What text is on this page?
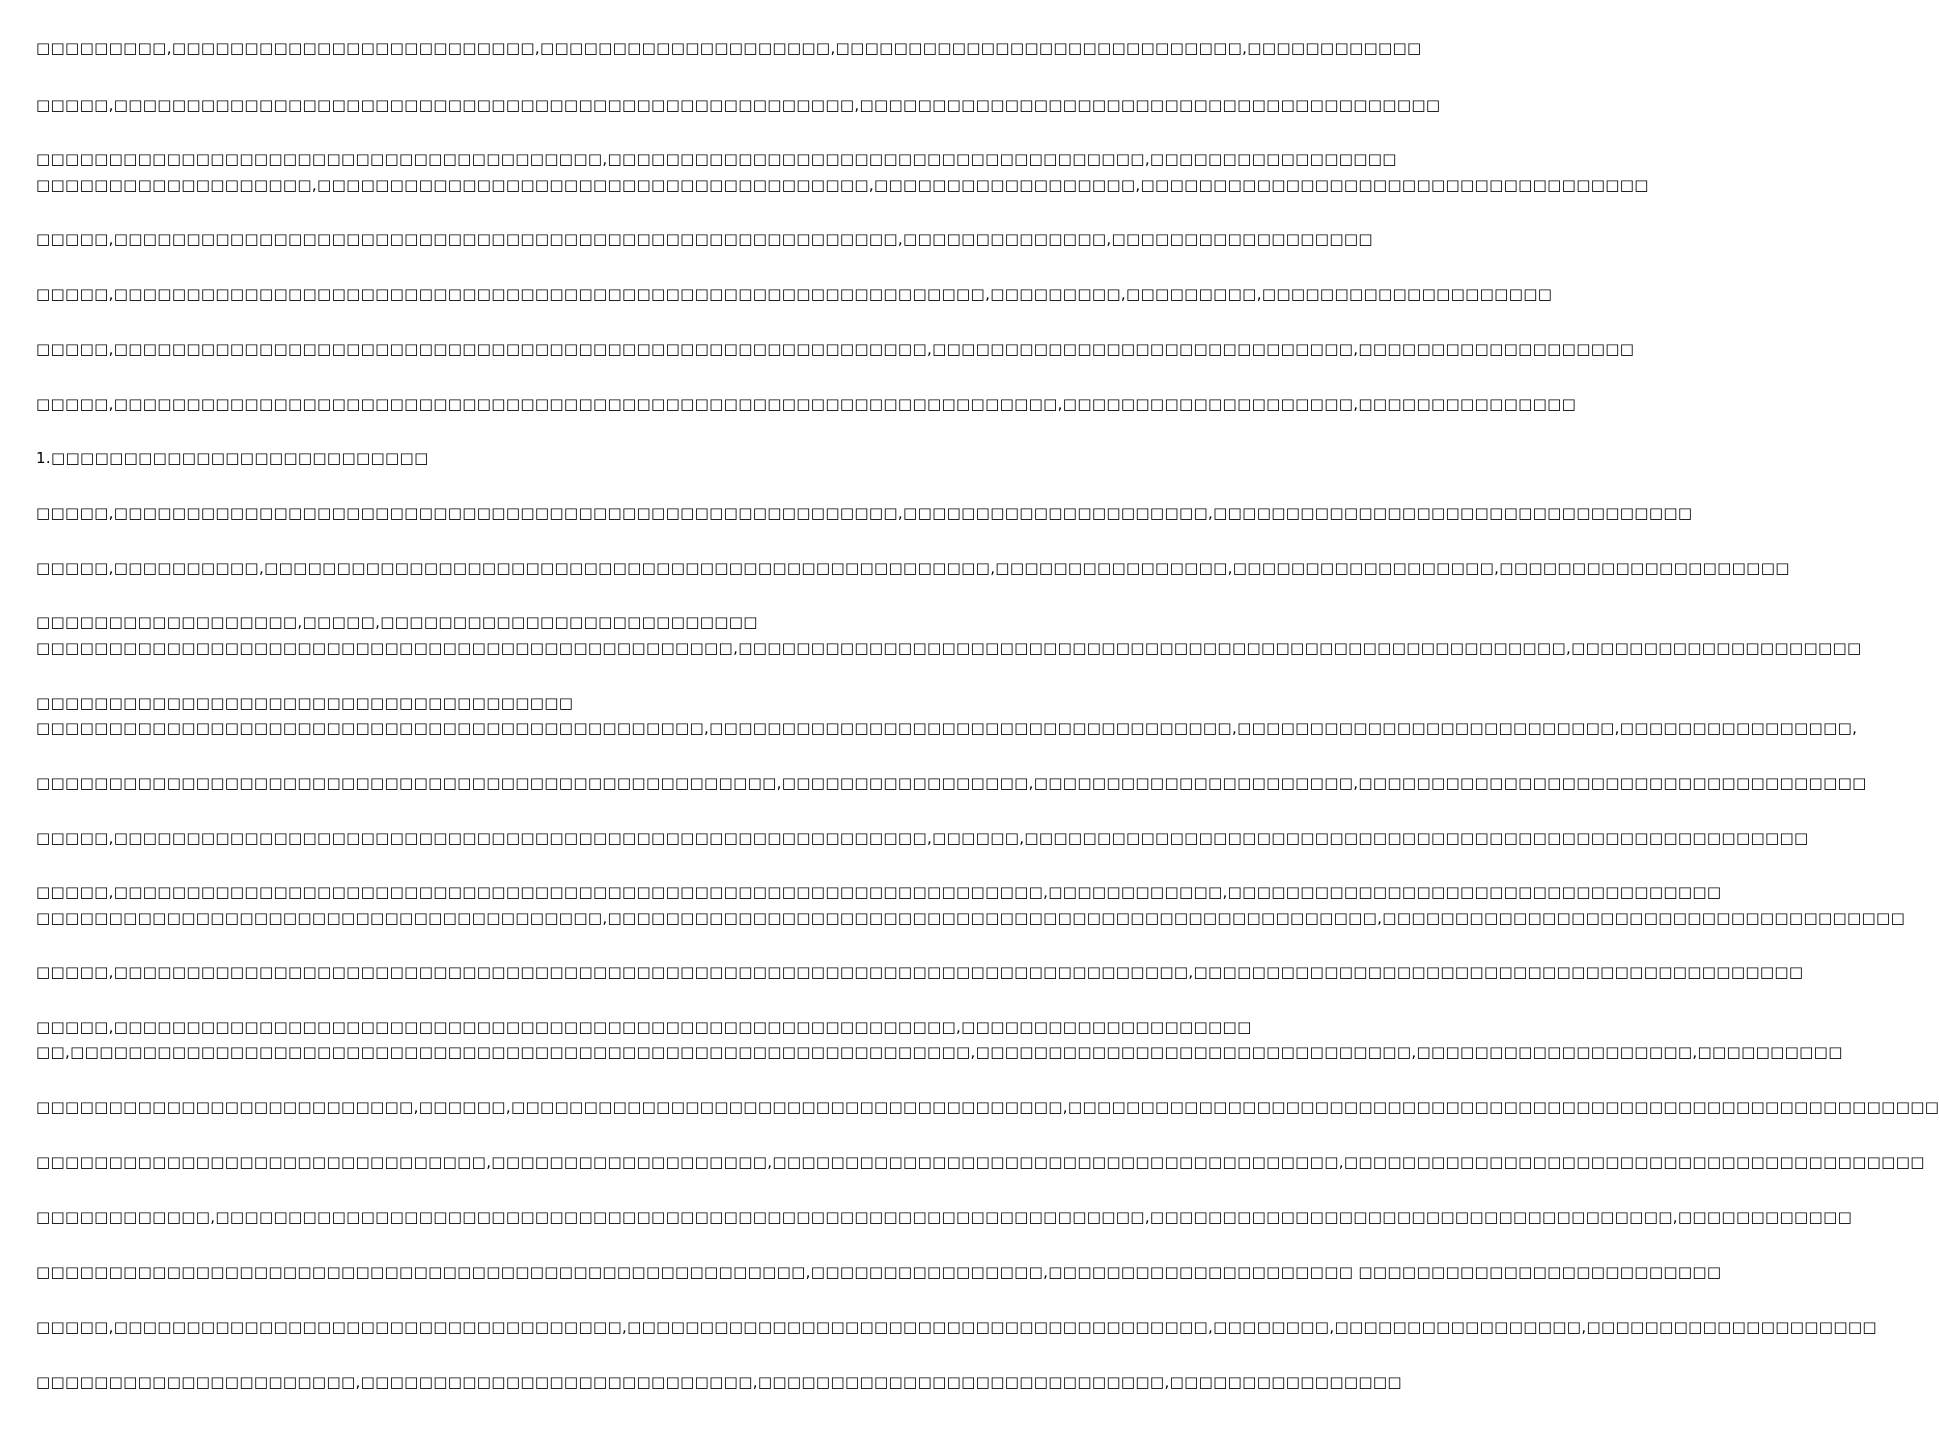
□□□□□□□□□,□□□□□□□□□□□□□□□□□□□□□□□□□,□□□□□□□□□□□□□□□□□□□□,□□□□□□□□□□□□□□□□□□□□□□□□□□□□,□□□□□□□□□□□□
□□□□□,□□□□□□□□□□□□□□□□□□□□□□□□□□□□□□□□□□□□□□□□□□□□□□□□□□□,□□□□□□□□□□□□□□□□□□□□□□□□□□□□□□□□□□□□□□□□
□□□□□□□□□□□□□□□□□□□□□□□□□□□□□□□□□□□□□□□,□□□□□□□□□□□□□□□□□□□□□□□□□□□□□□□□□□□□□,□□□□□□□□□□□□□□□□□
□□□□□□□□□□□□□□□□□□□,□□□□□□□□□□□□□□□□□□□□□□□□□□□□□□□□□□□□□□,□□□□□□□□□□□□□□□□□□,□□□□□□□□□□□□□□□□□□□□□□□□□□□□□□□□□□□
□□□□□,□□□□□□□□□□□□□□□□□□□□□□□□□□□□□□□□□□□□□□□□□□□□□□□□□□□□□□,□□□□□□□□□□□□□□,□□□□□□□□□□□□□□□□□□
□□□□□,□□□□□□□□□□□□□□□□□□□□□□□□□□□□□□□□□□□□□□□□□□□□□□□□□□□□□□□□□□□□,□□□□□□□□□,□□□□□□□□□,□□□□□□□□□□□□□□□□□□□□
□□□□□,□□□□□□□□□□□□□□□□□□□□□□□□□□□□□□□□□□□□□□□□□□□□□□□□□□□□□□□□,□□□□□□□□□□□□□□□□□□□□□□□□□□□□□,□□□□□□□□□□□□□□□□□□□
□□□□□,□□□□□□□□□□□□□□□□□□□□□□□□□□□□□□□□□□□□□□□□□□□□□□□□□□□□□□□□□□□□□□□□□,□□□□□□□□□□□□□□□□□□□□,□□□□□□□□□□□□□□□
1.□□□□□□□□□□□□□□□□□□□□□□□□□□
□□□□□,□□□□□□□□□□□□□□□□□□□□□□□□□□□□□□□□□□□□□□□□□□□□□□□□□□□□□□,□□□□□□□□□□□□□□□□□□□□□,□□□□□□□□□□□□□□□□□□□□□□□□□□□□□□□□□
□□□□□,□□□□□□□□□□,□□□□□□□□□□□□□□□□□□□□□□□□□□□□□□□□□□□□□□□□□□□□□□□□□□,□□□□□□□□□□□□□□□□,□□□□□□□□□□□□□□□□□□,□□□□□□□□□□□□□□□□□□□□
□□□□□□□□□□□□□□□□□□,□□□□□,□□□□□□□□□□□□□□□□□□□□□□□□□□
□□□□□□□□□□□□□□□□□□□□□□□□□□□□□□□□□□□□□□□□□□□□□□□□,□□□□□□□□□□□□□□□□□□□□□□□□□□□□□□□□□□□□□□□□□□□□□□□□□□□□□□□□□,□□□□□□□□□□□□□□□□□□□□
□□□□□□□□□□□□□□□□□□□□□□□□□□□□□□□□□□□□□
□□□□□□□□□□□□□□□□□□□□□□□□□□□□□□□□□□□□□□□□□□□□□□,□□□□□□□□□□□□□□□□□□□□□□□□□□□□□□□□□□□□,□□□□□□□□□□□□□□□□□□□□□□□□□□,□□□□□□□□□□□□□□□□,
□□□□□□□□□□□□□□□□□□□□□□□□□□□□□□□□□□□□□□□□□□□□□□□□□□□,□□□□□□□□□□□□□□□□□,□□□□□□□□□□□□□□□□□□□□□□,□□□□□□□□□□□□□□□□□□□□□□□□□□□□□□□□□□□
□□□□□,□□□□□□□□□□□□□□□□□□□□□□□□□□□□□□□□□□□□□□□□□□□□□□□□□□□□□□□□,□□□□□□,□□□□□□□□□□□□□□□□□□□□□□□□□□□□□□□□□□□□□□□□□□□□□□□□□□□□□□
□□□□□,□□□□□□□□□□□□□□□□□□□□□□□□□□□□□□□□□□□□□□□□□□□□□□□□□□□□□□□□□□□□□□□□,□□□□□□□□□□□□,□□□□□□□□□□□□□□□□□□□□□□□□□□□□□□□□□□
□□□□□□□□□□□□□□□□□□□□□□□□□□□□□□□□□□□□□□□,□□□□□□□□□□□□□□□□□□□□□□□□□□□□□□□□□□□□□□□□□□□□□□□□□□□□□,□□□□□□□□□□□□□□□□□□□□□□□□□□□□□□□□□□□□
□□□□□,□□□□□□□□□□□□□□□□□□□□□□□□□□□□□□□□□□□□□□□□□□□□□□□□□□□□□□□□□□□□□□□□□□□□□□□□□□,□□□□□□□□□□□□□□□□□□□□□□□□□□□□□□□□□□□□□□□□□□
□□□□□,□□□□□□□□□□□□□□□□□□□□□□□□□□□□□□□□□□□□□□□□□□□□□□□□□□□□□□□□□□,□□□□□□□□□□□□□□□□□□□□
□□,□□□□□□□□□□□□□□□□□□□□□□□□□□□□□□□□□□□□□□□□□□□□□□□□□□□□□□□□□□□□□□,□□□□□□□□□□□□□□□□□□□□□□□□□□□□□□,□□□□□□□□□□□□□□□□□□□,□□□□□□□□□□
□□□□□□□□□□□□□□□□□□□□□□□□□□,□□□□□□,□□□□□□□□□□□□□□□□□□□□□□□□□□□□□□□□□□□□□□,□□□□□□□□□□□□□□□□□□□□□□□□□□□□□□□□□□□□□□□□□□□□□□□□□□□□□□□□□□□□
□□□□□□□□□□□□□□□□□□□□□□□□□□□□□□□,□□□□□□□□□□□□□□□□□□□,□□□□□□□□□□□□□□□□□□□□□□□□□□□□□□□□□□□□□□□,□□□□□□□□□□□□□□□□□□□□□□□□□□□□□□□□□□□□□□□□
□□□□□□□□□□□□,□□□□□□□□□□□□□□□□□□□□□□□□□□□□□□□□□□□□□□□□□□□□□□□□□□□□□□□□□□□□□□□□,□□□□□□□□□□□□□□□□□□□□□□□□□□□□□□□□□□□□,□□□□□□□□□□□□
□□□□□□□□□□□□□□□□□□□□□□□□□□□□□□□□□□□□□□□□□□□□□□□□□□□□□,□□□□□□□□□□□□□□□□,□□□□□□□□□□□□□□□□□□□□□ □□□□□□□□□□□□□□□□□□□□□□□□□
□□□□□,□□□□□□□□□□□□□□□□□□□□□□□□□□□□□□□□□□□,□□□□□□□□□□□□□□□□□□□□□□□□□□□□□□□□□□□□□□□□,□□□□□□□□,□□□□□□□□□□□□□□□□□,□□□□□□□□□□□□□□□□□□□□
□□□□□□□□□□□□□□□□□□□□□□,□□□□□□□□□□□□□□□□□□□□□□□□□□□,□□□□□□□□□□□□□□□□□□□□□□□□□□□□,□□□□□□□□□□□□□□□□
